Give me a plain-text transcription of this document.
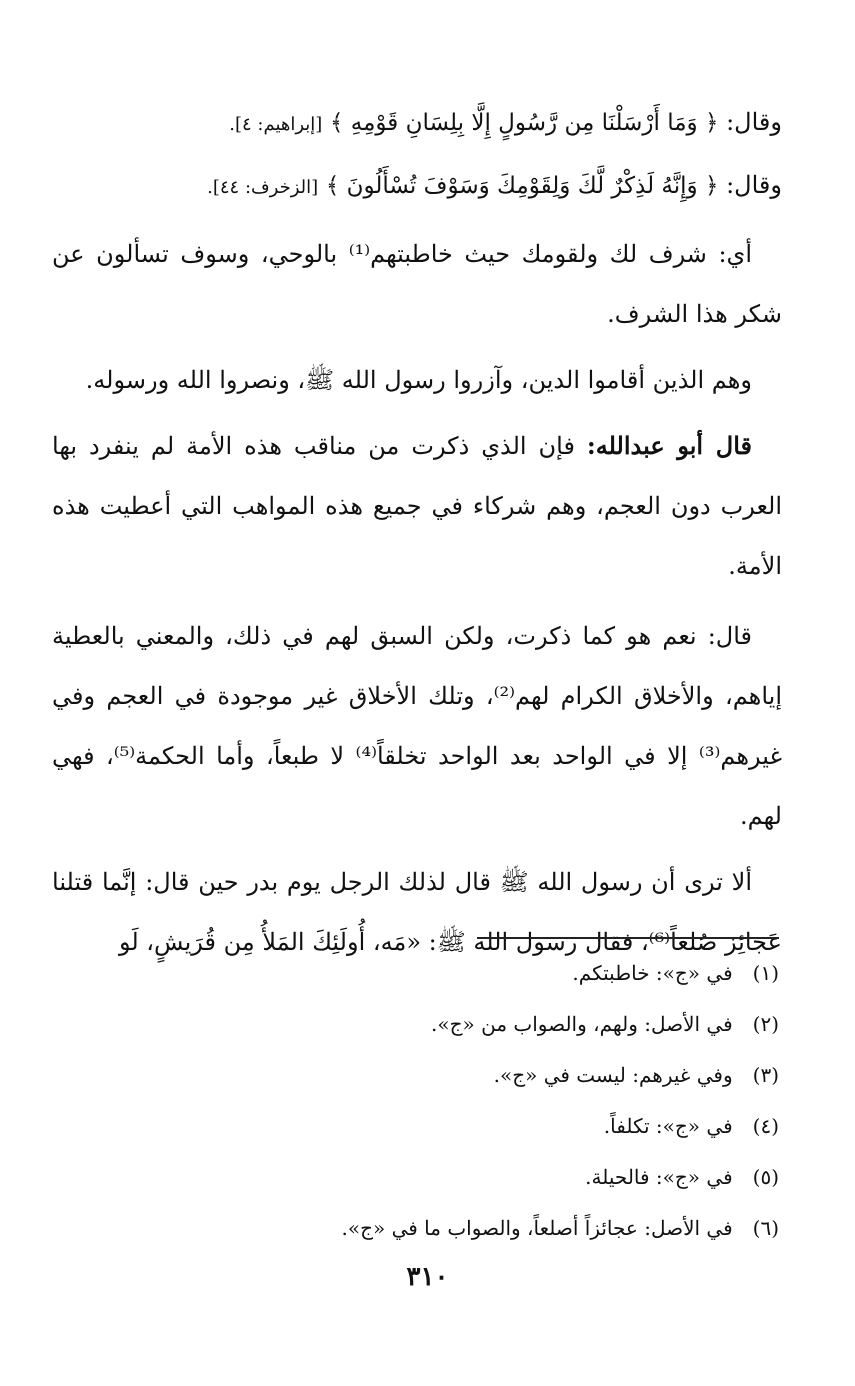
وقال: ﴿ وَمَا أَرْسَلْنَا مِن رَّسُولٍ إِلَّا بِلِسَانِ قَوْمِهِ ﴾ [إبراهيم: ٤].
وقال: ﴿ وَإِنَّهُ لَذِكْرٌ لَّكَ وَلِقَوْمِكَ وَسَوْفَ تُسْأَلُونَ ﴾ [الزخرف: ٤٤].

أي: شرف لك ولقومك حيث خاطبتهم⁽¹⁾ بالوحي، وسوف تسألون عن شكر هذا الشرف.

وهم الذين أقاموا الدين، وآزروا رسول الله ﷺ، ونصروا الله ورسوله.

قال أبو عبدالله: فإن الذي ذكرت من مناقب هذه الأمة لم ينفرد بها العرب دون العجم، وهم شركاء في جميع هذه المواهب التي أعطيت هذه الأمة.

قال: نعم هو كما ذكرت، ولكن السبق لهم في ذلك، والمعني بالعطية إياهم، والأخلاق الكرام لهم⁽²⁾، وتلك الأخلاق غير موجودة في العجم وفي غيرهم⁽³⁾ إلا في الواحد بعد الواحد تخلقاً⁽⁴⁾ لا طبعاً، وأما الحكمة⁽⁵⁾، فهي لهم.

ألا ترى أن رسول الله ﷺ قال لذلك الرجل يوم بدر حين قال: إنَّما قتلنا عَجائِز صُلعاً⁽⁶⁾، فقال رسول الله ﷺ: «مَه، أُولَئِكَ المَلأُ مِن قُرَيشٍ، لَو

(١) في «ج»: خاطبتكم.
(٢) في الأصل: ولهم، والصواب من «ج».
(٣) وفي غيرهم: ليست في «ج».
(٤) في «ج»: تكلفاً.
(٥) في «ج»: فالحيلة.
(٦) في الأصل: عجائزاً أصلعاً، والصواب ما في «ج».
٣١٠
